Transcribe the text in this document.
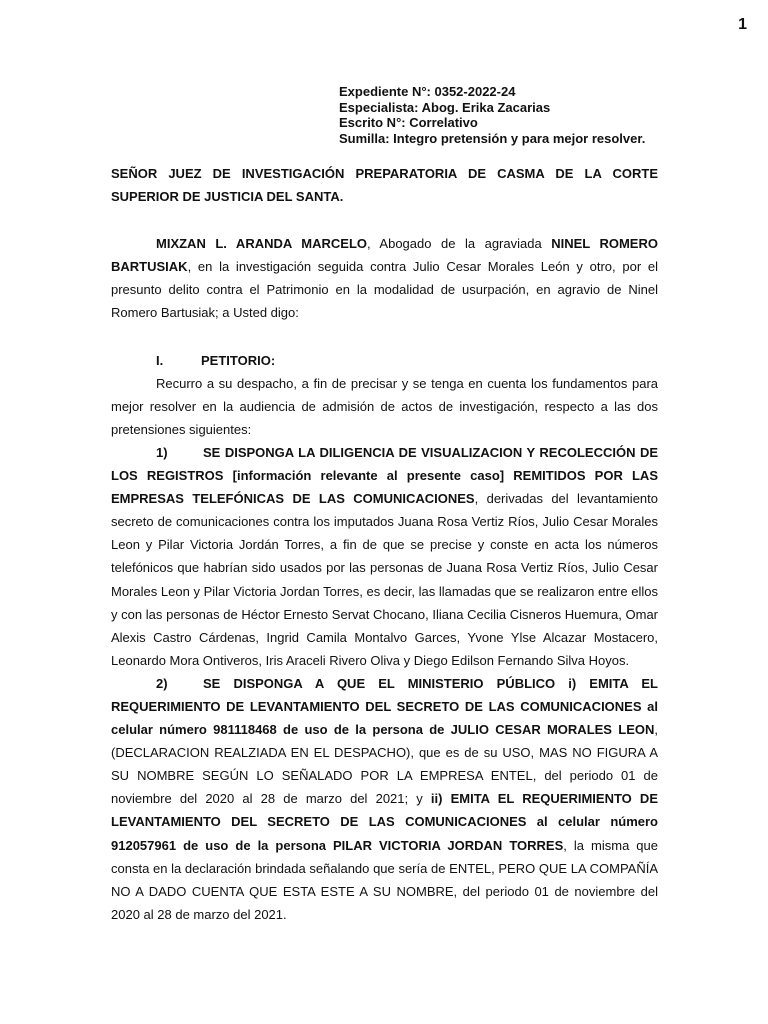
1
Expediente N°: 0352-2022-24
Especialista: Abog. Erika Zacarias
Escrito N°: Correlativo
Sumilla: Integro pretensión y para mejor resolver.

SEÑOR JUEZ DE INVESTIGACIÓN PREPARATORIA DE CASMA DE LA CORTE SUPERIOR DE JUSTICIA DEL SANTA.

MIXZAN L. ARANDA MARCELO, Abogado de la agraviada NINEL ROMERO BARTUSIAK, en la investigación seguida contra Julio Cesar Morales León y otro, por el presunto delito contra el Patrimonio en la modalidad de usurpación, en agravio de Ninel Romero Bartusiak; a Usted digo:

I.	PETITORIO:

Recurro a su despacho, a fin de precisar y se tenga en cuenta los fundamentos para mejor resolver en la audiencia de admisión de actos de investigación, respecto a las dos pretensiones siguientes:

1)	SE DISPONGA LA DILIGENCIA DE VISUALIZACION Y RECOLECCIÓN DE LOS REGISTROS [información relevante al presente caso] REMITIDOS POR LAS EMPRESAS TELEFÓNICAS DE LAS COMUNICACIONES, derivadas del levantamiento secreto de comunicaciones contra los imputados Juana Rosa Vertiz Ríos, Julio Cesar Morales Leon y Pilar Victoria Jordán Torres, a fin de que se precise y conste en acta los números telefónicos que habrían sido usados por las personas de Juana Rosa Vertiz Ríos, Julio Cesar Morales Leon y Pilar Victoria Jordan Torres, es decir, las llamadas que se realizaron entre ellos y con las personas de Héctor Ernesto Servat Chocano, Iliana Cecilia Cisneros Huemura, Omar Alexis Castro Cárdenas, Ingrid Camila Montalvo Garces, Yvone Ylse Alcazar Mostacero, Leonardo Mora Ontiveros, Iris Araceli Rivero Oliva y Diego Edilson Fernando Silva Hoyos.

2)	SE DISPONGA A QUE EL MINISTERIO PÚBLICO i) EMITA EL REQUERIMIENTO DE LEVANTAMIENTO DEL SECRETO DE LAS COMUNICACIONES al celular número 981118468 de uso de la persona de JULIO CESAR MORALES LEON, (DECLARACION REALZIADA EN EL DESPACHO), que es de su USO, MAS NO FIGURA A SU NOMBRE SEGÚN LO SEÑALADO POR LA EMPRESA ENTEL, del periodo 01 de noviembre del 2020 al 28 de marzo del 2021; y ii) EMITA EL REQUERIMIENTO DE LEVANTAMIENTO DEL SECRETO DE LAS COMUNICACIONES al celular número 912057961 de uso de la persona PILAR VICTORIA JORDAN TORRES, la misma que consta en la declaración brindada señalando que sería de ENTEL, PERO QUE LA COMPAÑÍA NO A DADO CUENTA QUE ESTA ESTE A SU NOMBRE, del periodo 01 de noviembre del 2020 al 28 de marzo del 2021.
